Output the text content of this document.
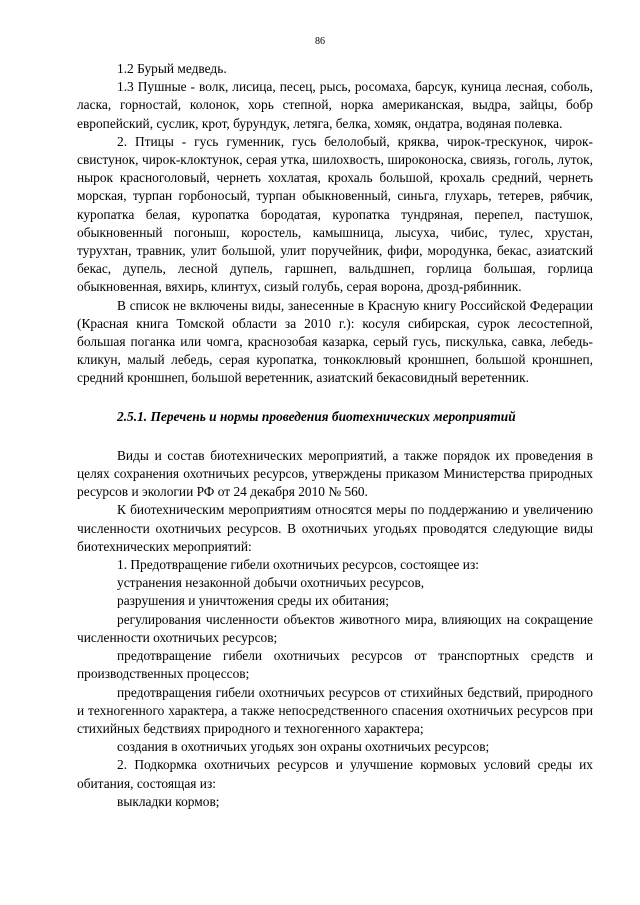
86

1.2 Бурый медведь.

1.3 Пушные - волк, лисица, песец, рысь, росомаха, барсук, куница лесная, соболь, ласка, горностай, колонок, хорь степной, норка американская, выдра, зайцы, бобр европейский, суслик, крот, бурундук, летяга, белка, хомяк, ондатра, водяная полевка.

2. Птицы - гусь гуменник, гусь белолобый, кряква, чирок-трескунок, чирок-свистунок, чирок-клоктунок, серая утка, шилохвость, широконоска, свиязь, гоголь, луток, нырок красноголовый, чернеть хохлатая, крохаль большой, крохаль средний, чернеть морская, турпан горбоносый, турпан обыкновенный, синьга, глухарь, тетерев, рябчик, куропатка белая, куропатка бородатая, куропатка тундряная, перепел, пастушок, обыкновенный погоныш, коростель, камышница, лысуха, чибис, тулес, хрустан, турухтан, травник, улит большой, улит поручейник, фифи, мородунка, бекас, азиатский бекас, дупель, лесной дупель, гаршнеп, вальдшнеп, горлица большая, горлица обыкновенная, вяхирь, клинтух, сизый голубь, серая ворона, дрозд-рябинник.

В список не включены виды, занесенные в Красную книгу Российской Федерации (Красная книга Томской области за 2010 г.): косуля сибирская, сурок лесостепной, большая поганка или чомга, краснозобая казарка, серый гусь, пискулька, савка, лебедь-кликун, малый лебедь, серая куропатка, тонкоклювый кроншнеп, большой кроншнеп, средний кроншнеп, большой веретенник, азиатский бекасовидный веретенник.

2.5.1. Перечень и нормы проведения биотехнических мероприятий

Виды и состав биотехнических мероприятий, а также порядок их проведения в целях сохранения охотничьих ресурсов, утверждены приказом Министерства природных ресурсов и экологии РФ от 24 декабря 2010 № 560.

К биотехническим мероприятиям относятся меры по поддержанию и увеличению численности охотничьих ресурсов. В охотничьих угодьях проводятся следующие виды биотехнических мероприятий:

1. Предотвращение гибели охотничьих ресурсов, состоящее из:

устранения незаконной добычи охотничьих ресурсов,

разрушения и уничтожения среды их обитания;

регулирования численности объектов животного мира, влияющих на сокращение численности охотничьих ресурсов;

предотвращение гибели охотничьих ресурсов от транспортных средств и производственных процессов;

предотвращения гибели охотничьих ресурсов от стихийных бедствий, природного и техногенного характера, а также непосредственного спасения охотничьих ресурсов при стихийных бедствиях природного и техногенного характера;

создания в охотничьих угодьях зон охраны охотничьих ресурсов;

2. Подкормка охотничьих ресурсов и улучшение кормовых условий среды их обитания, состоящая из:

выкладки кормов;
